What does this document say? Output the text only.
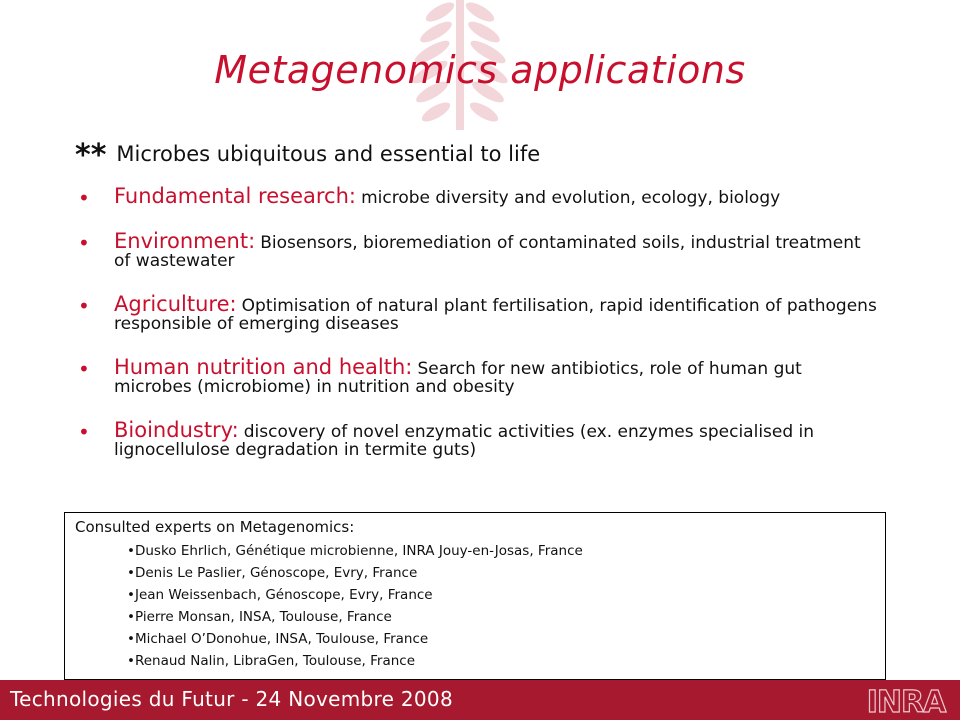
Metagenomics applications
** Microbes ubiquitous and essential to life
• Fundamental research: microbe diversity and evolution, ecology, biology
• Environment: Biosensors, bioremediation of contaminated soils, industrial treatment of wastewater
• Agriculture: Optimisation of natural plant fertilisation, rapid identification of pathogens responsible of emerging diseases
• Human nutrition and health: Search for new antibiotics, role of human gut microbes (microbiome) in nutrition and obesity
• Bioindustry: discovery of novel enzymatic activities (ex. enzymes specialised in lignocellulose degradation in termite guts)
Consulted experts on Metagenomics:
•Dusko Ehrlich, Génétique microbienne, INRA Jouy-en-Josas, France
•Denis Le Paslier, Génoscope, Evry, France
•Jean Weissenbach, Génoscope, Evry, France
•Pierre Monsan, INSA, Toulouse, France
•Michael O’Donohue, INSA, Toulouse, France
•Renaud Nalin, LibraGen, Toulouse, France
Technologies du Futur - 24 Novembre 2008	INRA
